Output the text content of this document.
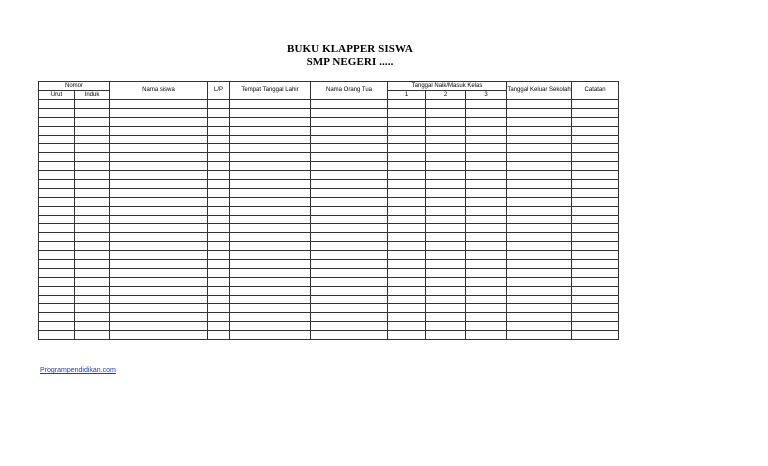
BUKU KLAPPER SISWA
SMP NEGERI .....
Nomor		Nama siswa	L/P	Tempat Tanggal Lahir	Nama Orang Tua	Tanggal Naik/Masuk Kelas			Tanggal Keluar Sekolah	Catatan
Urut	Induk					1	2	3		

Programpendidikan.com
